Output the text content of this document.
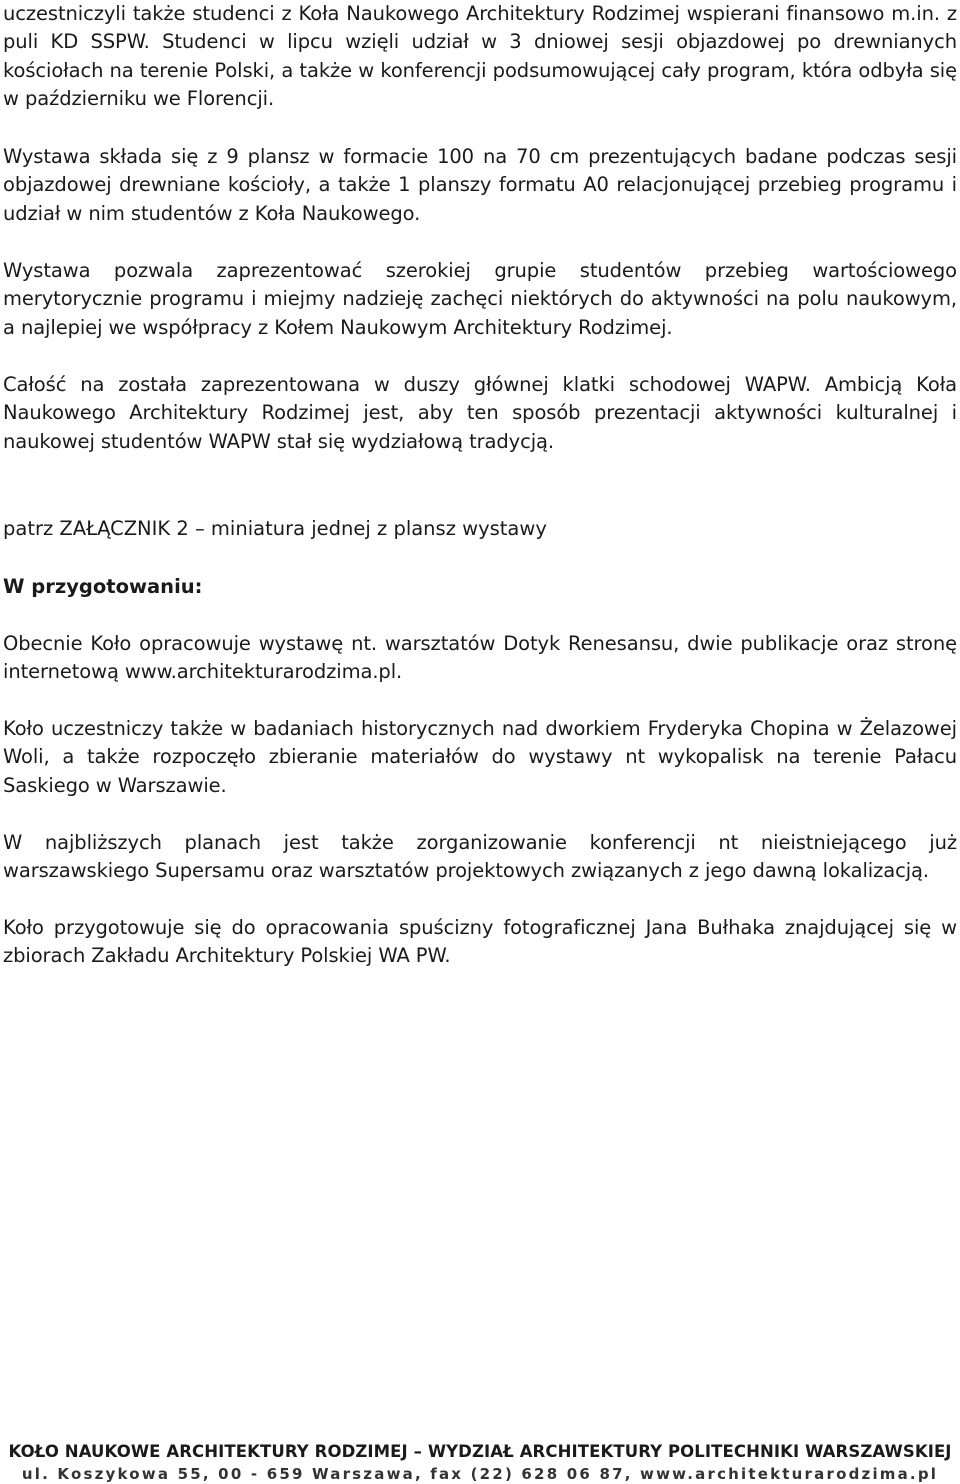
uczestniczyli także studenci z Koła Naukowego Architektury Rodzimej wspierani finansowo m.in. z puli KD SSPW. Studenci w lipcu wzięli udział w 3 dniowej sesji objazdowej po drewnianych kościołach na terenie Polski, a także w konferencji podsumowującej cały program, która odbyła się w październiku we Florencji.

Wystawa składa się z 9 plansz w formacie 100 na 70 cm prezentujących badane podczas sesji objazdowej drewniane kościoły, a także 1 planszy formatu A0 relacjonującej przebieg programu i udział w nim studentów z Koła Naukowego.

Wystawa pozwala zaprezentować szerokiej grupie studentów przebieg wartościowego merytorycznie programu i miejmy nadzieję zachęci niektórych do aktywności na polu naukowym, a najlepiej we współpracy z Kołem Naukowym Architektury Rodzimej.

Całość na została zaprezentowana w duszy głównej klatki schodowej WAPW. Ambicją Koła Naukowego Architektury Rodzimej jest, aby ten sposób prezentacji aktywności kulturalnej i naukowej studentów WAPW stał się wydziałową tradycją.

patrz ZAŁĄCZNIK 2 – miniatura jednej z plansz wystawy

W przygotowaniu:

Obecnie Koło opracowuje wystawę nt. warsztatów Dotyk Renesansu, dwie publikacje oraz stronę internetową www.architekturarodzima.pl.

Koło uczestniczy także w badaniach historycznych nad dworkiem Fryderyka Chopina w Żelazowej Woli, a także rozpoczęło zbieranie materiałów do wystawy nt wykopalisk na terenie Pałacu Saskiego w Warszawie.

W najbliższych planach jest także zorganizowanie konferencji nt nieistniejącego już warszawskiego Supersamu oraz warsztatów projektowych związanych z jego dawną lokalizacją.

Koło przygotowuje się do opracowania spuścizny fotograficznej Jana Bułhaka znajdującej się w zbiorach Zakładu Architektury Polskiej WA PW.

KOŁO NAUKOWE ARCHITEKTURY RODZIMEJ – WYDZIAŁ ARCHITEKTURY POLITECHNIKI WARSZAWSKIEJ

ul. Koszykowa 55, 00 - 659 Warszawa, fax (22) 628 06 87, www.architekturarodzima.pl
